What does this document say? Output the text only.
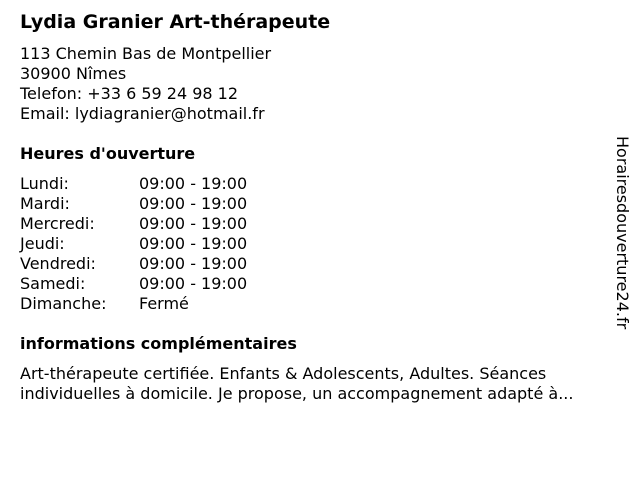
Lydia Granier Art-thérapeute
113 Chemin Bas de Montpellier
30900 Nîmes
Telefon: +33 6 59 24 98 12
Email: lydiagranier@hotmail.fr
Heures d'ouverture
Lundi:	09:00 - 19:00
Mardi:	09:00 - 19:00
Mercredi:	09:00 - 19:00
Jeudi:	09:00 - 19:00
Vendredi:	09:00 - 19:00
Samedi:	09:00 - 19:00
Dimanche: Fermé
informations complémentaires
Art-thérapeute certifiée. Enfants & Adolescents, Adultes. Séances
individuelles à domicile. Je propose, un accompagnement adapté à...
Horairesdouverture24.fr
